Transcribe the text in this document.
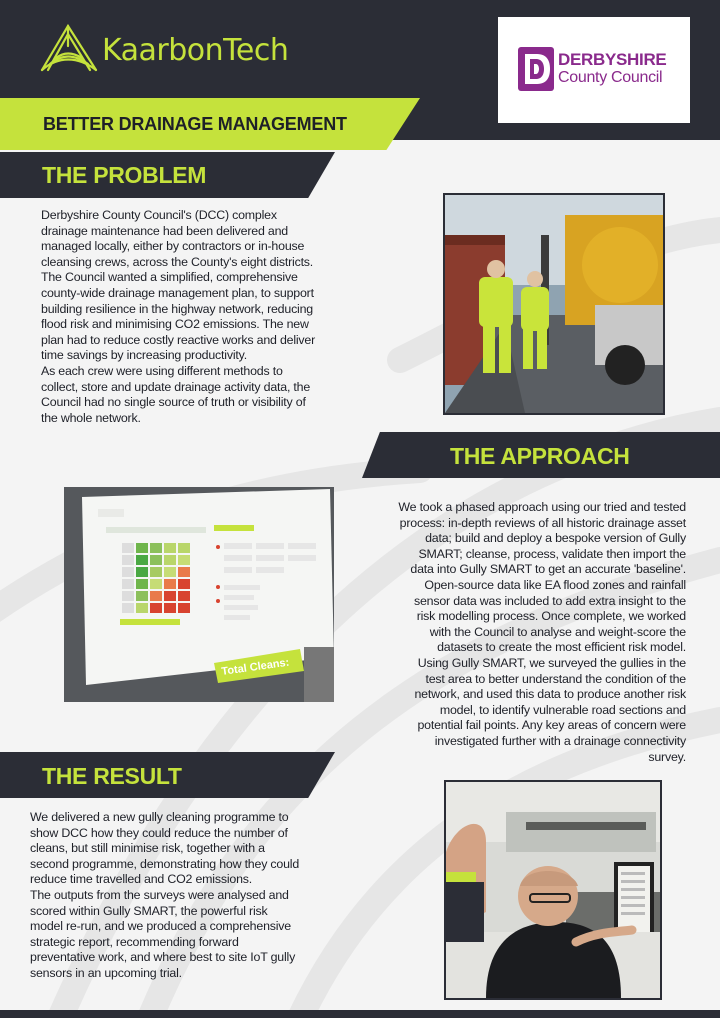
KaarbonTech	DERBYSHIRE
County Council
BETTER DRAINAGE MANAGEMENT
THE PROBLEM

Derbyshire County Council's (DCC) complex drainage maintenance had been delivered and managed locally, either by contractors or in-house cleansing crews, across the County's eight districts.

The Council wanted a simplified, comprehensive county-wide drainage management plan, to support building resilience in the highway network, reducing flood risk and minimising CO2 emissions. The new plan had to reduce costly reactive works and deliver time savings by increasing productivity.

As each crew were using different methods to collect, store and update drainage activity data, the Council had no single source of truth or visibility of the whole network.

THE APPROACH

We took a phased approach using our tried and tested process: in-depth reviews of all historic drainage asset data; build and deploy a bespoke version of Gully SMART; cleanse, process, validate then import the data into Gully SMART to get an accurate 'baseline'. Open-source data like EA flood zones and rainfall sensor data was included to add extra insight to the risk modelling process. Once complete, we worked with the Council to analyse and weight-score the datasets to create the most efficient risk model.

Using Gully SMART, we surveyed the gullies in the test area to better understand the condition of the network, and used this data to produce another risk model, to identify vulnerable road sections and potential fail points. Any key areas of concern were investigated further with a drainage connectivity survey.

Total Cleans:
THE RESULT

We delivered a new gully cleaning programme to show DCC how they could reduce the number of cleans, but still minimise risk, together with a second programme, demonstrating how they could reduce time travelled and CO2 emissions.

The outputs from the surveys were analysed and scored within Gully SMART, the powerful risk model re-run, and we produced a comprehensive strategic report, recommending forward preventative work, and where best to site IoT gully sensors in an upcoming trial.
